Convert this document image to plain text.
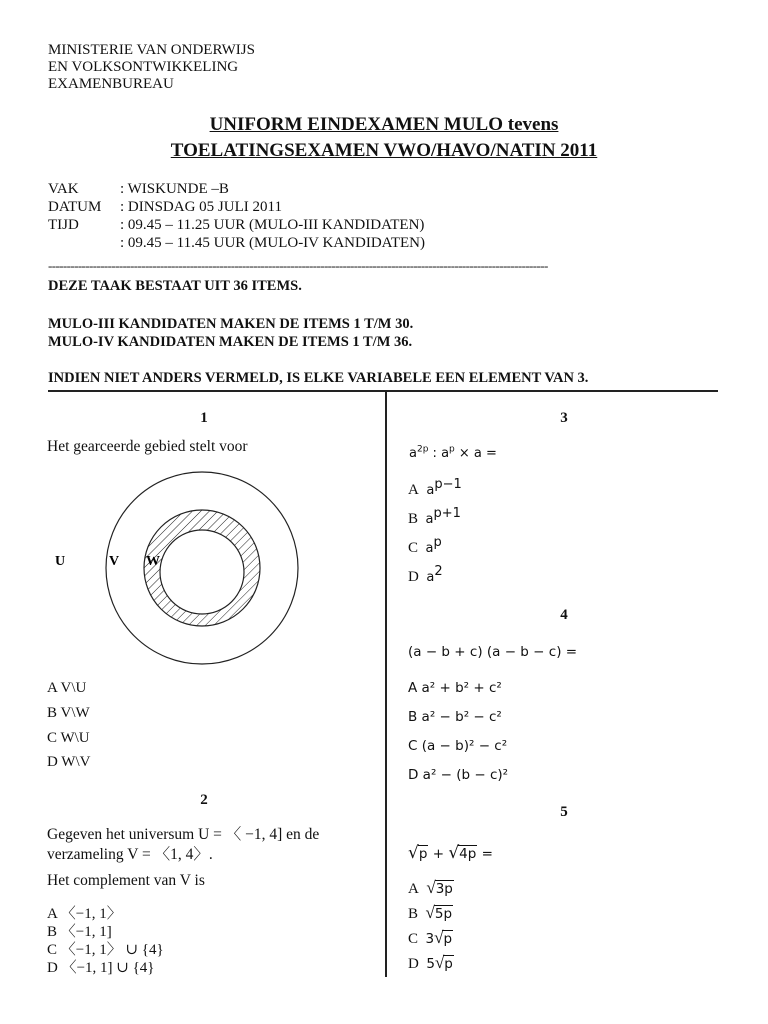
MINISTERIE VAN ONDERWIJS
EN VOLKSONTWIKKELING
EXAMENBUREAU
UNIFORM EINDEXAMEN MULO tevens
TOELATINGSEXAMEN VWO/HAVO/NATIN 2011
VAK	: WISKUNDE –B
DATUM	: DINSDAG 05 JULI 2011
TIJD	: 09.45 – 11.25 UUR (MULO-III KANDIDATEN)
: 09.45 – 11.45 UUR (MULO-IV KANDIDATEN)
--------------------------------------------------------------------------------------------------------------------------------------
DEZE TAAK BESTAAT UIT 36 ITEMS.
MULO-III KANDIDATEN MAKEN DE ITEMS 1 T/M 30.
MULO-IV KANDIDATEN MAKEN DE ITEMS 1 T/M 36.
INDIEN NIET ANDERS VERMELD, IS ELKE VARIABELE EEN ELEMENT VAN 3.
1
Het gearceerde gebied stelt voor
U	V W
A V\U
B V\W
C W\U
D W\V
2
Gegeven het universum U = 〈 −1, 4] en de
verzameling V = 〈1, 4〉.
Het complement van V is
A 〈−1, 1〉
B 〈−1, 1]
C 〈−1, 1〉 ∪ {4}
D 〈−1, 1] ∪ {4}
3
$a^{2p}$ : $a^p \times a$ =
A $a^{p-1}$
B $a^{p+1}$
C $a^p$
D $a^2$
4
(a − b + c) (a − b − c) =
A a² + b² + c²
B a² − b² − c²
C (a − b)² − c²
D a² − (b − c)²
5
√p + √4p =
A √3p
B √5p
C 3√p
D 5√p
